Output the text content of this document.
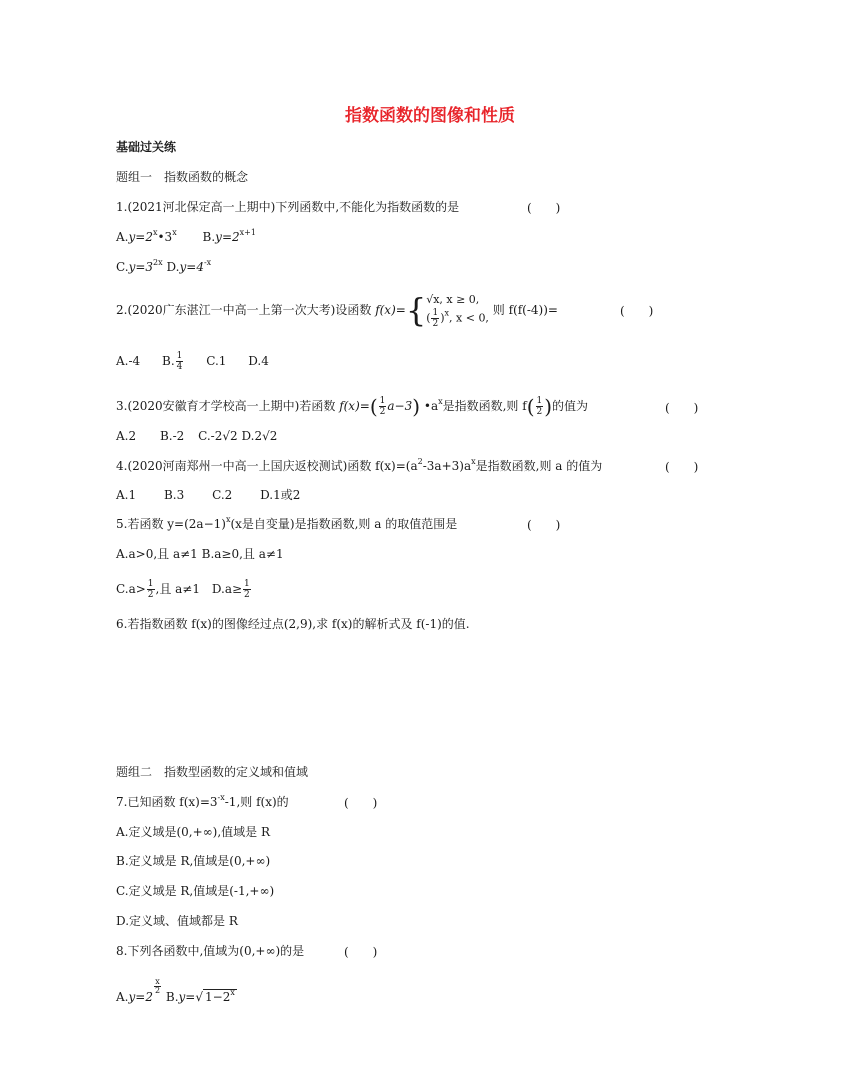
指数函数的图像和性质
基础过关练
题组一　指数函数的概念
1.(2021河北保定高一上期中)下列函数中,不能化为指数函数的是	(　　)
$A.y=2^x•3^x$ $B.y=2^{x+1}$
$C.y=3^{2x}$ $D.y=4^{-x}$
2.(2020广东湛江一中高一上第一次大考)设函数 f(x)={ √x, x ≥ 0,
( $\frac{1}{2} )^x$, x < 0,
则 f(f(-4))=	(　　)
A.-4 B. $\frac{1}{4} C.1$ D.4
3.(2020安徽育才学校高一上期中)若函数 $f(x)=( \frac{1}{2} a-3)$ $•a^x$是指数函数,则 $f( \frac{1}{2}$ )的值为	(　　)
A.2 B.-2 C.-2√2 D.2√2
4.(2020河南郑州一中高一上国庆返校测试)函数 $f(x)=(a^2-3a+3)a^x$是指数函数,则 a 的值为	(　　)
A.1 B.3 C.2 D.1或2
5.若函数 $y=(2a-1)^x(x$是自变量)是指数函数,则 a 的取值范围是	(　　)
A.a>0,且 a≠1 B.a≥0,且 a≠1
$C.a> \frac{1}{2}$ ,且 a≠1 $D.a\ge \frac{1}{2}$
6.若指数函数 f(x)的图像经过点(2,9),求 f(x)的解析式及 f(-1)的值.
题组二　指数型函数的定义域和值域
7.已知函数 $f(x)=3^{-x}-1$,则 f(x)的	(　　)
A.定义域是(0,+∞),值域是 R
B.定义域是 R,值域是(0,+∞)
C.定义域是 R,值域是(-1,+∞)
D.定义域、值域都是 R
8.下列各函数中,值域为(0,+∞)的是	(　　)
A.y=2
$\frac{x}{2}$
B.y=√ $1-2^x$
